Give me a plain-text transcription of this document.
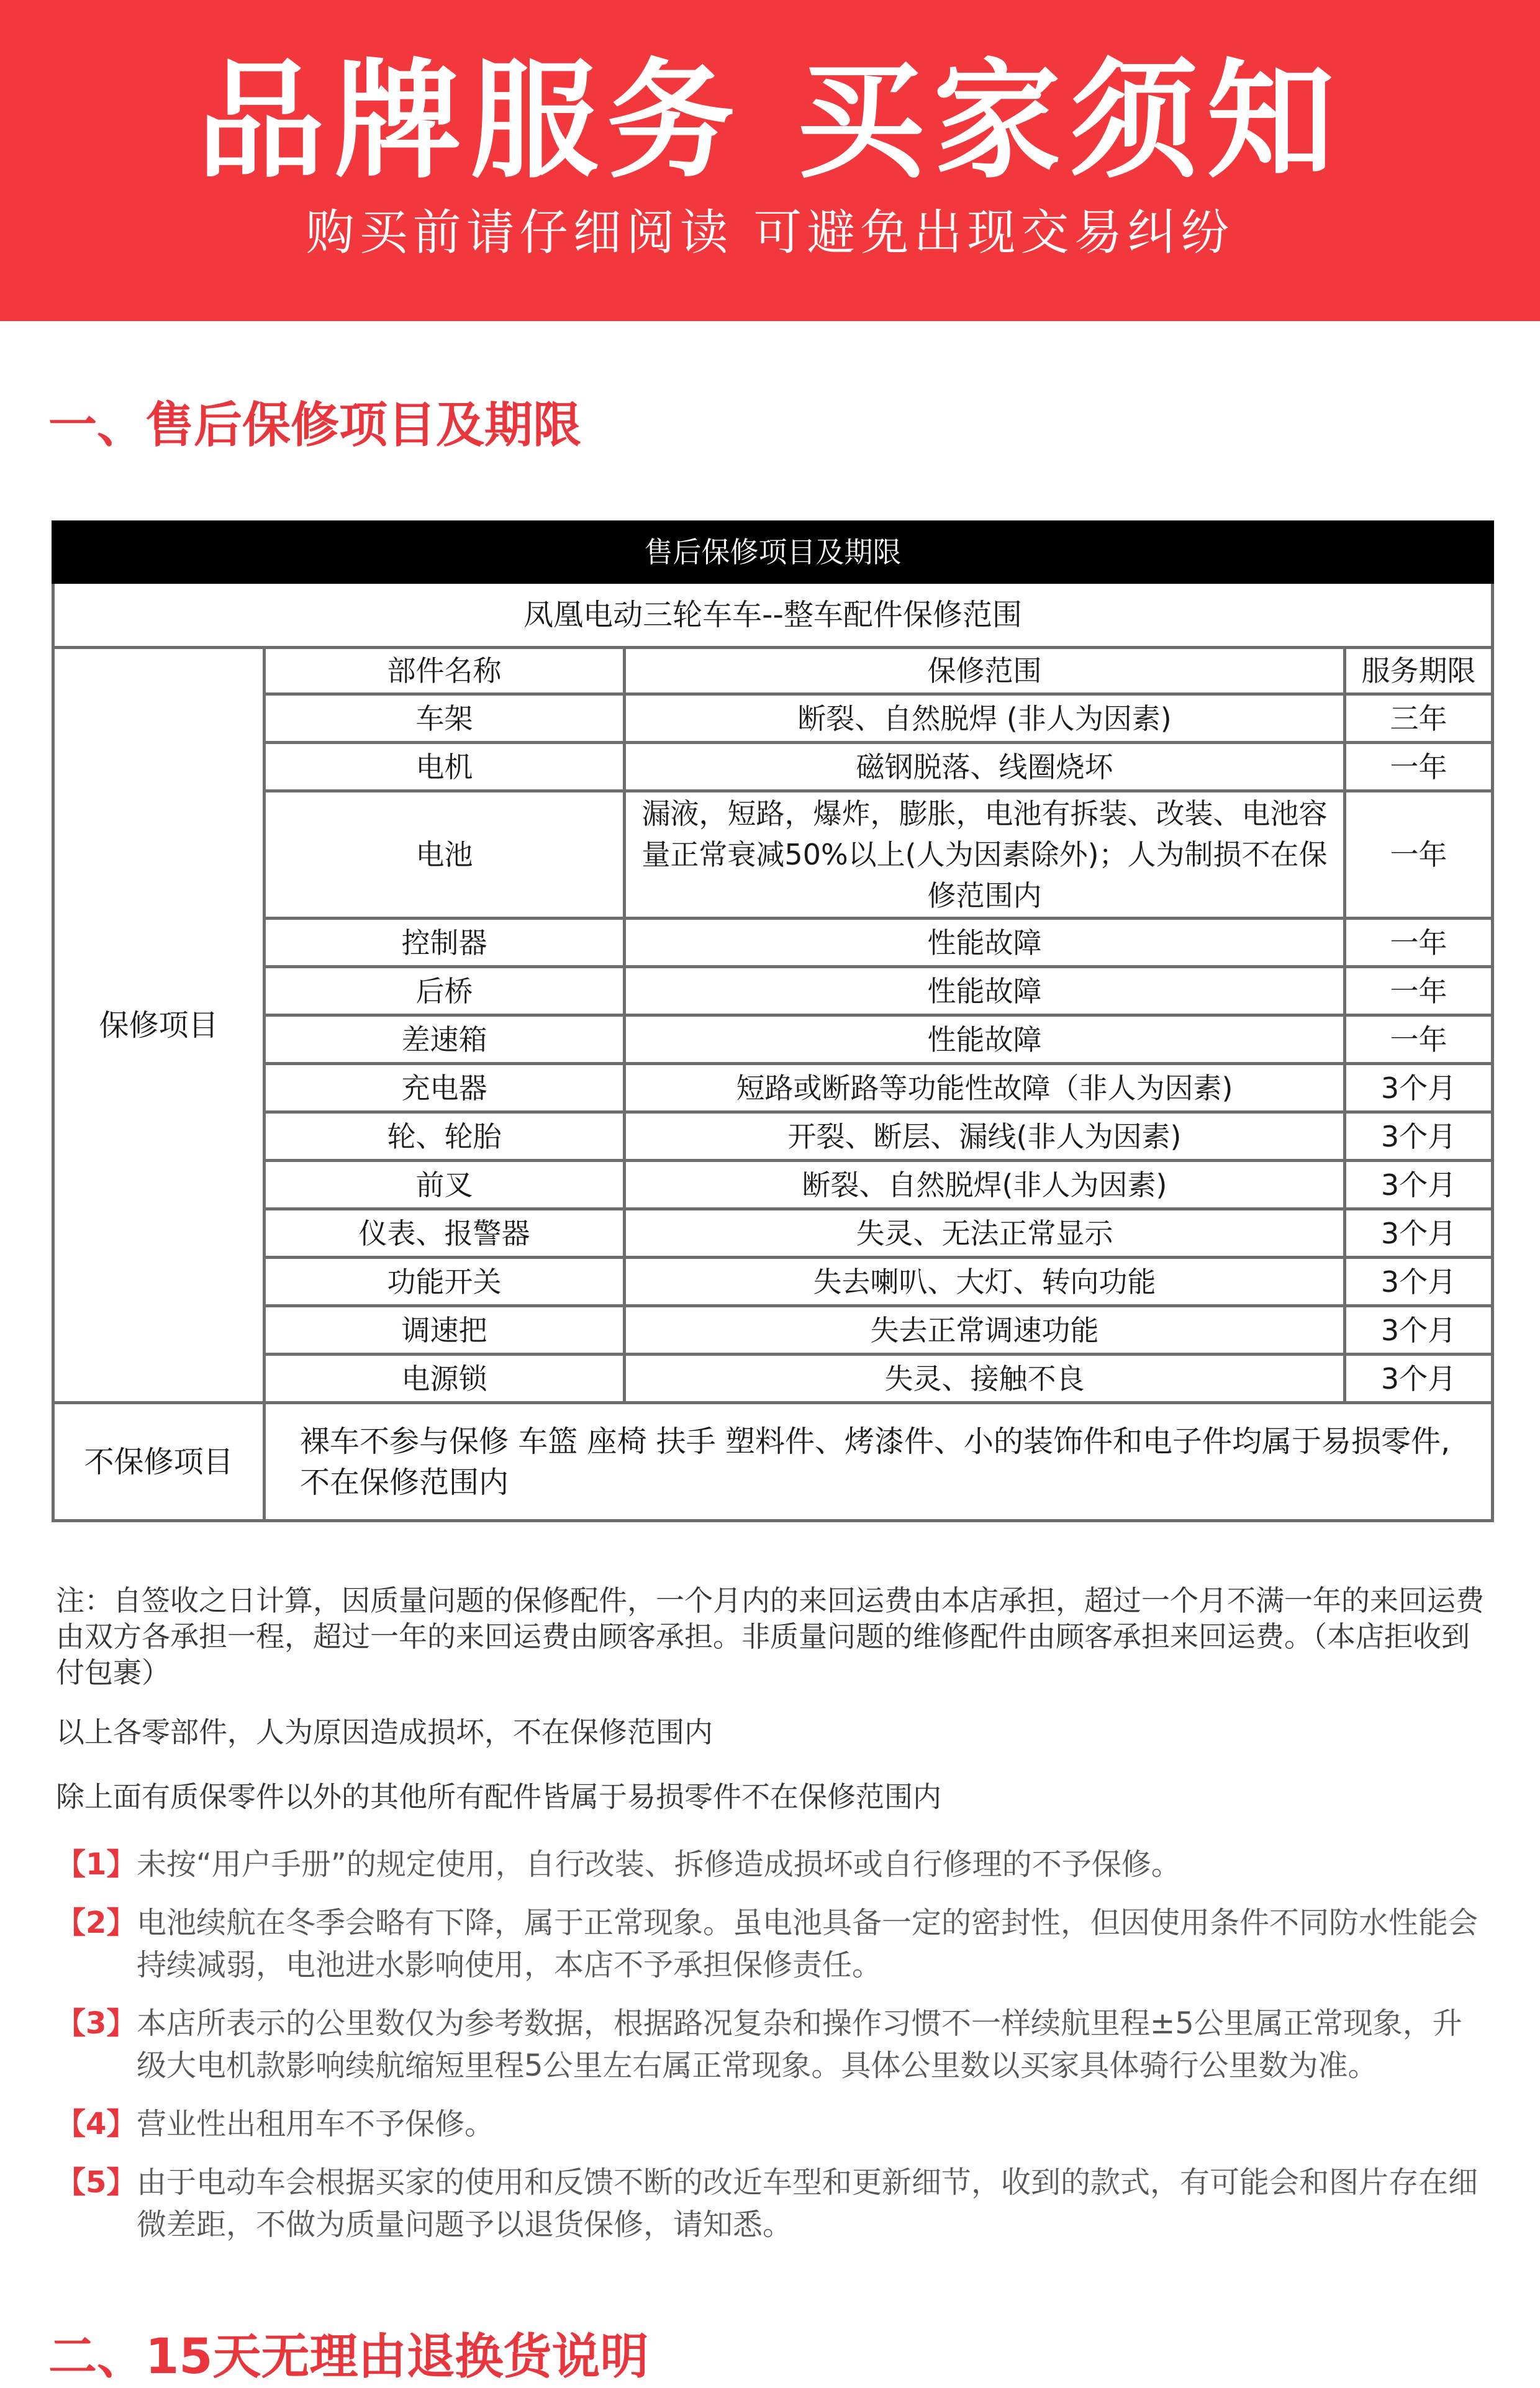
品牌服务 买家须知
购买前请仔细阅读 可避免出现交易纠纷
一、售后保修项目及期限
售后保修项目及期限			
凤凰电动三轮车车--整车配件保修范围			
保修项目	部件名称	保修范围	服务期限
	车架	断裂、自然脱焊 (非人为因素)	三年
	电机	磁钢脱落、线圈烧坏	一年
	电池	漏液，短路，爆炸，膨胀，电池有拆装、改装、电池容量正常衰减50%以上(人为因素除外)；人为制损不在保修范围内	一年
	控制器	性能故障	一年
	后桥	性能故障	一年
	差速箱	性能故障	一年
	充电器	短路或断路等功能性故障（非人为因素)	3个月
	轮、轮胎	开裂、断层、漏线(非人为因素)	3个月
	前叉	断裂、自然脱焊(非人为因素)	3个月
	仪表、报警器	失灵、无法正常显示	3个月
	功能开关	失去喇叭、大灯、转向功能	3个月
	调速把	失去正常调速功能	3个月
	电源锁	失灵、接触不良	3个月
不保修项目	裸车不参与保修 车篮 座椅 扶手 塑料件、烤漆件、小的装饰件和电子件均属于易损零件,不在保修范围内		

注：自签收之日计算，因质量问题的保修配件，一个月内的来回运费由本店承担，超过一个月不满一年的来回运费由双方各承担一程，超过一年的来回运费由顾客承担。非质量问题的维修配件由顾客承担来回运费。（本店拒收到付包裹）

以上各零部件，人为原因造成损坏，不在保修范围内

除上面有质保零件以外的其他所有配件皆属于易损零件不在保修范围内

【1】 未按“用户手册”的规定使用，自行改装、拆修造成损坏或自行修理的不予保修。
【2】 电池续航在冬季会略有下降，属于正常现象。虽电池具备一定的密封性，但因使用条件不同防水性能会持续减弱，电池进水影响使用，本店不予承担保修责任。
【3】 本店所表示的公里数仅为参考数据，根据路况复杂和操作习惯不一样续航里程±5公里属正常现象，升级大电机款影响续航缩短里程5公里左右属正常现象。具体公里数以买家具体骑行公里数为准。
【4】 营业性出租用车不予保修。
【5】 由于电动车会根据买家的使用和反馈不断的改近车型和更新细节，收到的款式，有可能会和图片存在细微差距，不做为质量问题予以退货保修，请知悉。
二、15天无理由退换货说明
